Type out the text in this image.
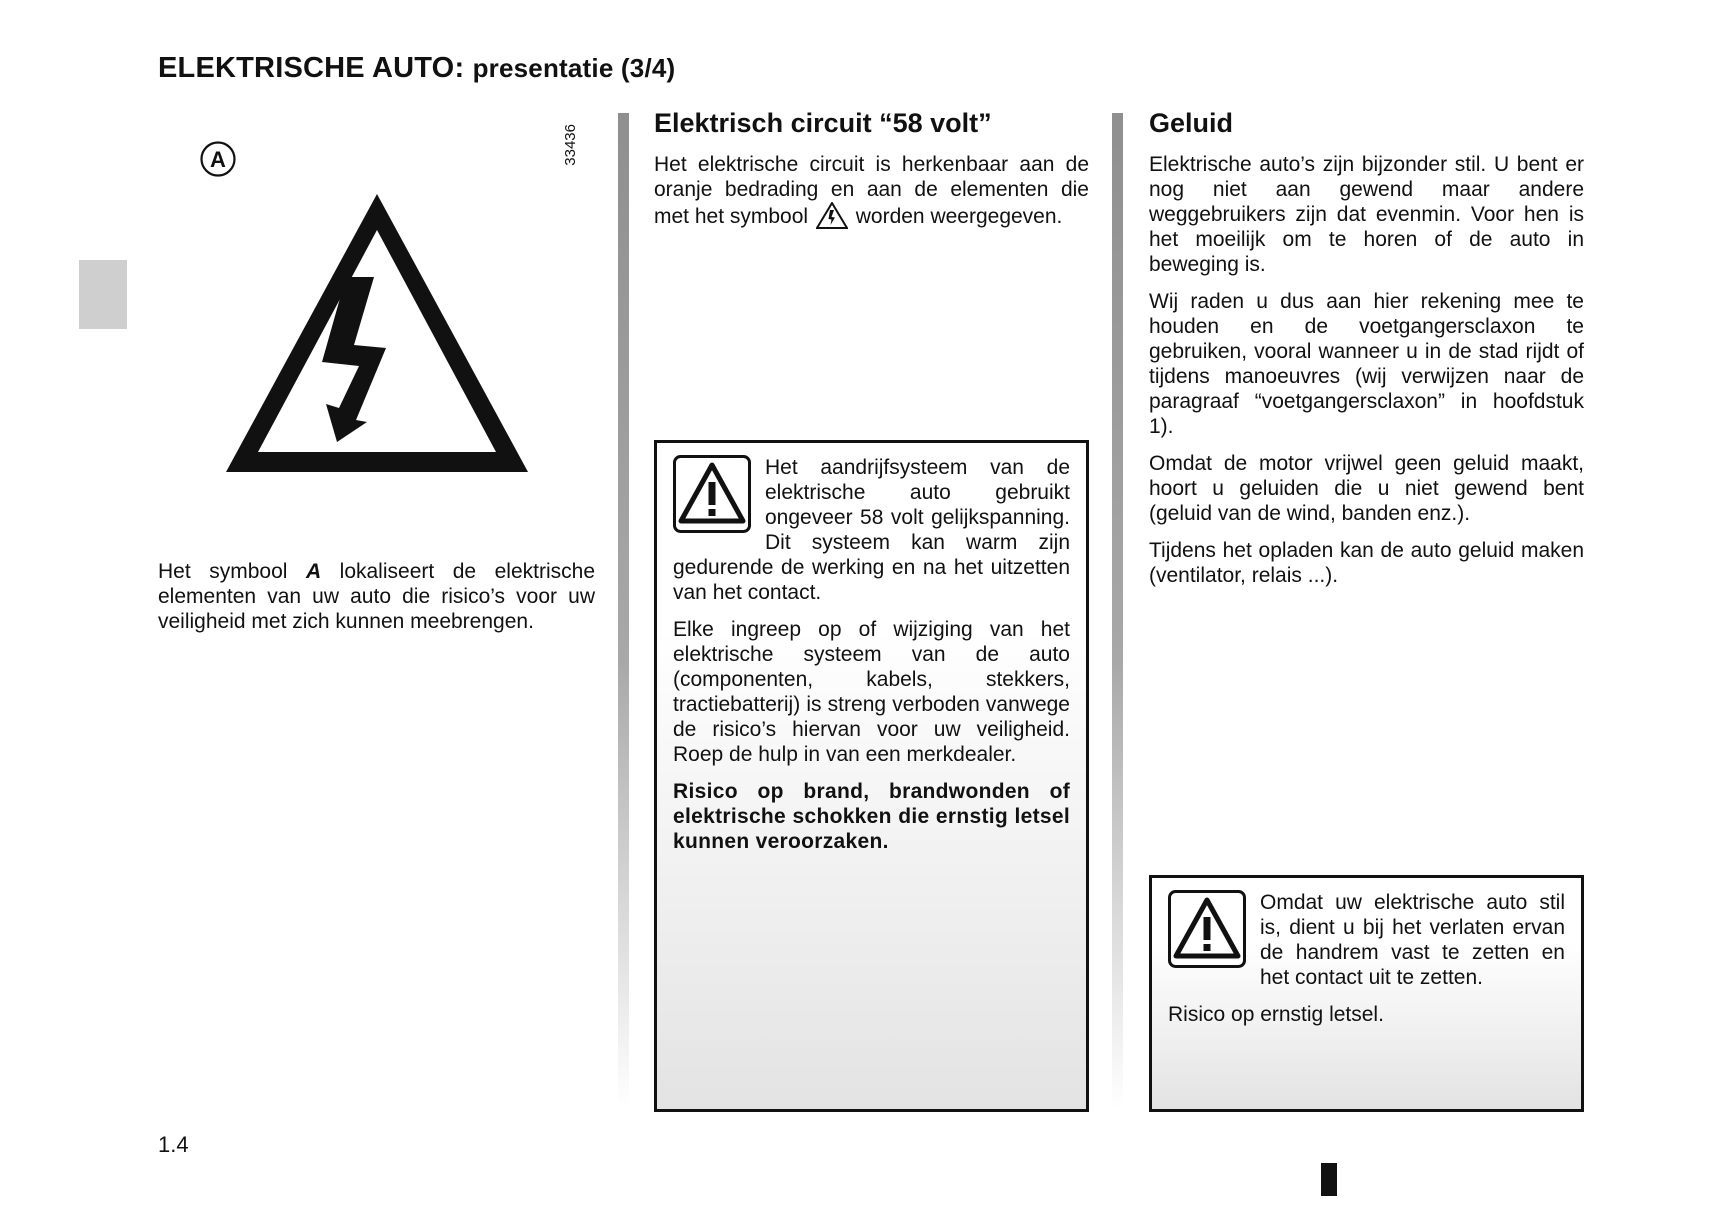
ELEKTRISCHE AUTO: presentatie (3/4)
33436
A
Het symbool A lokaliseert de elektrische elementen van uw auto die risico’s voor uw veiligheid met zich kunnen meebrengen.
Elektrisch circuit “58 volt”
Het elektrische circuit is herkenbaar aan de oranje bedrading en aan de elementen die met het symbool  worden weergegeven.
Het aandrijfsysteem van de elektrische auto gebruikt ongeveer 58 volt gelijkspanning. Dit systeem kan warm zijn gedurende de werking en na het uitzetten van het contact.
Elke ingreep op of wijziging van het elektrische systeem van de auto (componenten, kabels, stekkers, tractiebatterij) is streng verboden vanwege de risico’s hiervan voor uw veiligheid. Roep de hulp in van een merkdealer.
Risico op brand, brandwonden of elektrische schokken die ernstig letsel kunnen veroorzaken.
Geluid
Elektrische auto’s zijn bijzonder stil. U bent er nog niet aan gewend maar andere weggebruikers zijn dat evenmin. Voor hen is het moeilijk om te horen of de auto in beweging is.
Wij raden u dus aan hier rekening mee te houden en de voetgangersclaxon te gebruiken, vooral wanneer u in de stad rijdt of tijdens manoeuvres (wij verwijzen naar de paragraaf “voetgangersclaxon” in hoofdstuk 1).
Omdat de motor vrijwel geen geluid maakt, hoort u geluiden die u niet gewend bent (geluid van de wind, banden enz.).
Tijdens het opladen kan de auto geluid maken (ventilator, relais ...).
Omdat uw elektrische auto stil is, dient u bij het verlaten ervan de handrem vast te zetten en het contact uit te zetten.
Risico op ernstig letsel.
1.4
